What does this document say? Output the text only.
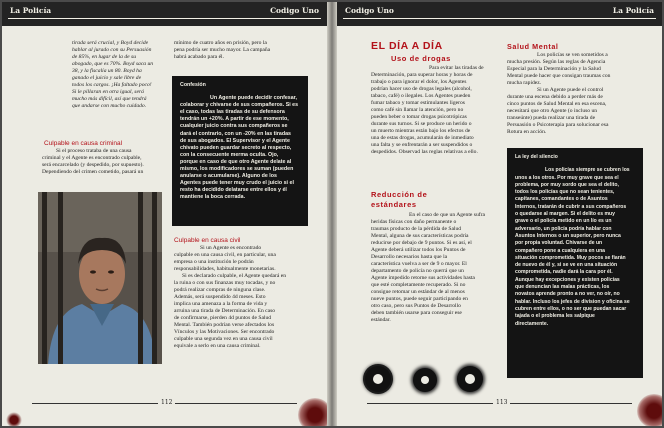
La Policía	Codigo Uno
tirada será crucial, y Boyd decide
hablar al jurado con su Persuasión
de 85%, en lugar de la de su
abogado, que es 70%. Boyd saca un
38, y la fiscalía un 80. Boyd ha
ganado el juicio y sale libre de
todos los cargos. ¡Ha faltado poco!
Si le pillaran en otra igual, será
mucho más difícil, así que tendrá
que andarse con mucho cuidado.
Culpable en causa criminal
Si el proceso trataba de una causa
criminal y el Agente es encontrado culpable,
será encarcelado (y despedido, por supuesto).
Dependiendo del crimen cometido, pasará un
mínimo de cuatro años en prisión, pero la
pena podría ser mucho mayor. La campaña
habrá acabado para él.
Confesión
Un Agente puede decidir confesar,
colaborar y chivarse de sus compañeros. Si es
el caso, todas las tiradas de su defensora
tendrán un +20%. A partir de ese momento,
cualquier juicio contra sus compañeros se
dará el contrario, con un -20% en las tiradas
de sus abogados. El Supervisor y el Agente
chivato pueden guardar secreto al respecto,
con la consecuente merma oculta. Ojo,
porque en caso de que otro Agente delate al
mismo, los modificadores se suman (pueden
anularse o acumularse). Alguno de los
Agentes puede tener muy crudo el juicio si el
resto ha decidido delatarse entre ellos y él
mantiene la boca cerrada.
Culpable en causa civil
Si un Agente es encontrado
culpable en una causa civil, en particular, una
empresa o una institución le podrán
responsabilidades, habitualmente monetarias.
Si es declarado culpable, el Agente quedará en
la ruina o con sus finanzas muy tocadas, y no
podrá realizar compras de ninguna clase.
Además, será suspendido 4d meses. Esto
implica una amenaza a la forma de vida y
arruina una tirada de Determinación. En caso
de confirmarse, pierden 4d puntos de Salud
Mental. También podrían verse afectados los
Vínculos y las Motivaciones. Ser encontrado
culpable una segunda vez en una causa civil
equivale a serlo en una causa criminal.
112
Codigo Uno	La Policía
EL DÍA A DÍA
Uso de drogas
Para evitar las tiradas de
Determinación, para superar horas y horas de
trabajo o para ignorar el dolor, los Agentes
podrían hacer uso de drogas legales (alcohol,
tabaco, café) o ilegales. Los Agentes pueden
fumar tabaco y tomar estimulantes ligeros
como café sin llamar la atención, pero no
pueden beber o tomar drogas psicotrópicas
durante sus turnos. Si se produce un herido o
un muerto mientras están bajo los efectos de
una de estas drogas, acumularán de inmediato
una falta y se enfrentarán a ser suspendidos o
despedidos. Observad las reglas relativas a ello.
Reducción de
estándares
En el caso de que un Agente sufra
heridas físicas con daño permanente o
traumas producto de la pérdida de Salud
Mental, alguna de sus características podría
reducirse por debajo de 9 puntos. Si es así, el
Agente deberá utilizar todos los Puntos de
Desarrollo necesarios hasta que la
característica vuelva a ser de 9 o mayor. El
departamento de policía no querrá que un
Agente impedido retorne sus actividades hasta
que esté completamente recuperado. Si no
consigue retomar un estándar de al menos
nueve puntos, puede seguir participando en
otro caso, pero sus Puntos de Desarrollo
deben también usarse para conseguir ese
estándar.
Salud Mental
Los policías se ven sometidos a
mucha presión. Según las reglas de Agencia
Especial para la Determinación y la Salud
Mental puede hacer que consigan traumas con
mucha rapidez.
Si un Agente puede el control
durante una escena debido a perder más de
cinco puntos de Salud Mental en esa escena,
necesitará que otro Agente (o incluso un
transeúnte) pueda realizar una tirada de
Persuasión o Psicoterapia para solucionar esa
Rotura en acción.
La ley del silencio
Los policías siempre se cubren los
unos a los otros. Por muy grave que sea el
problema, por muy sordo que sea el delito,
todos los policías que no sean tenientes,
capitanes, comandantes o de Asuntos
Internos, tratarán de cubrir a sus compañeros
o quedarse al margen. Si el delito es muy
grave o el policía metido en un lío es un
adversario, un policía podría hablar con
Asuntos Internos o un superior, pero nunca
por propia voluntad. Chivarse de un
compañero pone a cualquiera en una
situación comprometida. Muy pocos se fiarán
de nuevo de él y, si se ve en una situación
comprometida, nadie dará la cara por él.
Aunque hay excepciones y existen policías
que denuncian las malas prácticas, los
novatos aprende pronto a no ver, no oír, no
hablar. Incluso los jefes de division y oficina se
cubren entre ellos, o no ser que puedan sacar
tajada o el problema les salpique
directamente.
113
